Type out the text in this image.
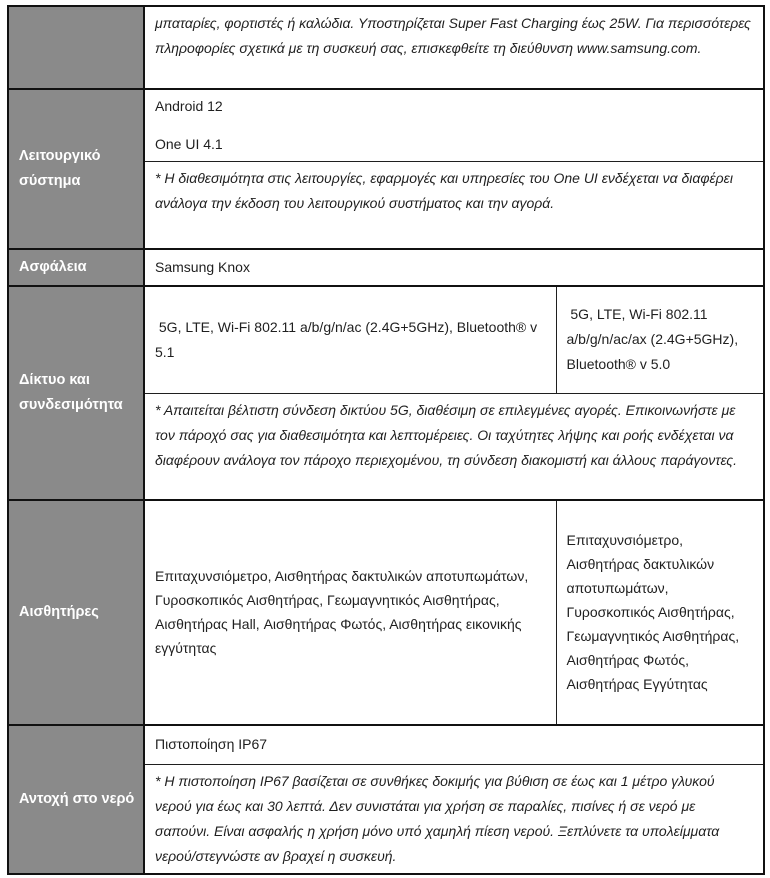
	μπαταρίες, φορτιστές ή καλώδια. Υποστηρίζεται Super Fast Charging έως 25W. Για περισσότερες πληροφορίες σχετικά με τη συσκευή σας, επισκεφθείτε τη διεύθυνση www.samsung.com.	
Λειτουργικό σύστημα	Android 12

One UI 4.1	

	* Η διαθεσιμότητα στις λειτουργίες, εφαρμογές και υπηρεσίες του One UI ενδέχεται να διαφέρει ανάλογα την έκδοση του λειτουργικού συστήματος και την αγορά.	
Ασφάλεια	Samsung Knox	
Δίκτυο και συνδεσιμότητα	5G, LTE, Wi-Fi 802.11 a/b/g/n/ac (2.4G+5GHz), Bluetooth® v 5.1	5G, LTE, Wi-Fi 802.11 a/b/g/n/ac/ax (2.4G+5GHz), Bluetooth® v 5.0
	* Απαιτείται βέλτιστη σύνδεση δικτύου 5G, διαθέσιμη σε επιλεγμένες αγορές. Επικοινωνήστε με τον πάροχό σας για διαθεσιμότητα και λεπτομέρειες. Οι ταχύτητες λήψης και ροής ενδέχεται να διαφέρουν ανάλογα τον πάροχο περιεχομένου, τη σύνδεση διακομιστή και άλλους παράγοντες.	
Αισθητήρες	Επιταχυνσιόμετρο, Αισθητήρας δακτυλικών αποτυπωμάτων, Γυροσκοπικός Αισθητήρας, Γεωμαγνητικός Αισθητήρας, Αισθητήρας Hall, Αισθητήρας Φωτός, Αισθητήρας εικονικής εγγύτητας	Επιταχυνσιόμετρο, Αισθητήρας δακτυλικών αποτυπωμάτων, Γυροσκοπικός Αισθητήρας, Γεωμαγνητικός Αισθητήρας, Αισθητήρας Φωτός, Αισθητήρας Εγγύτητας
Αντοχή στο νερό	Πιστοποίηση IP67	
	* Η πιστοποίηση IP67 βασίζεται σε συνθήκες δοκιμής για βύθιση σε έως και 1 μέτρο γλυκού νερού για έως και 30 λεπτά. Δεν συνιστάται για χρήση σε παραλίες, πισίνες ή σε νερό με σαπούνι. Είναι ασφαλής η χρήση μόνο υπό χαμηλή πίεση νερού. Ξεπλύνετε τα υπολείμματα νερού/στεγνώστε αν βραχεί η συσκευή.	
